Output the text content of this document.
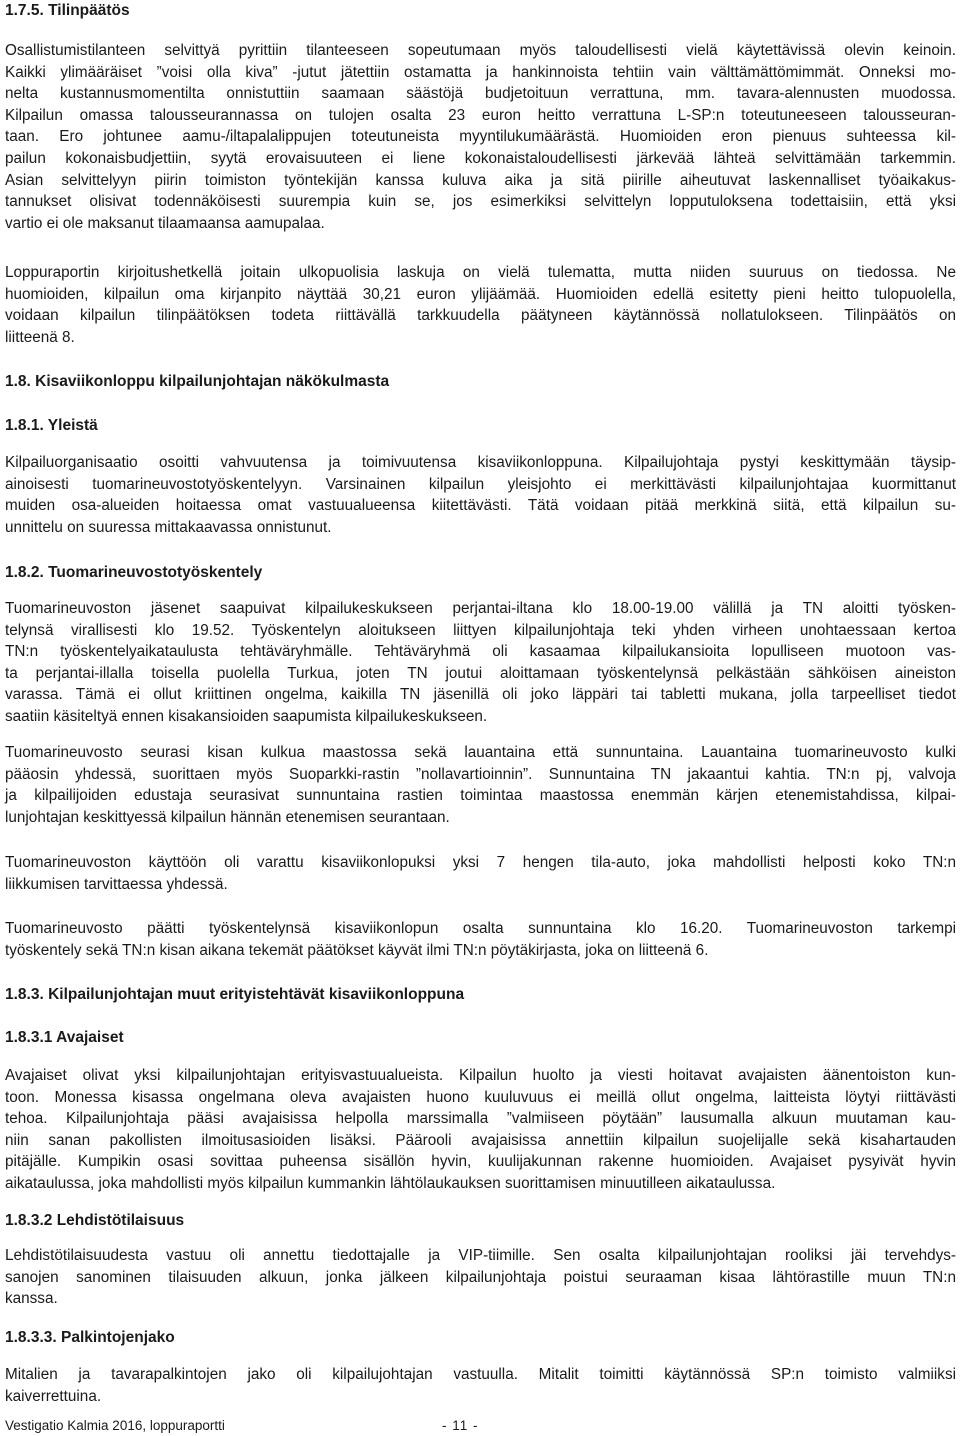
1.7.5. Tilinpäätös
Osallistumistilanteen selvittyä pyrittiin tilanteeseen sopeutumaan myös taloudellisesti vielä käytettävissä olevin keinoin.
Kaikki ylimääräiset ”voisi olla kiva” -jutut jätettiin ostamatta ja hankinnoista tehtiin vain välttämättömimmät. Onneksi mo-
nelta kustannusmomentilta onnistuttiin saamaan säästöjä budjetoituun verrattuna, mm. tavara-alennusten muodossa.
Kilpailun omassa talousseurannassa on tulojen osalta 23 euron heitto verrattuna L-SP:n toteutuneeseen talousseuran-
taan. Ero johtunee aamu-/iltapalalippujen toteutuneista myyntilukumäärästä. Huomioiden eron pienuus suhteessa kil-
pailun kokonaisbudjettiin, syytä erovaisuuteen ei liene kokonaistaloudellisesti järkevää lähteä selvittämään tarkemmin.
Asian selvittelyyn piirin toimiston työntekijän kanssa kuluva aika ja sitä piirille aiheutuvat laskennalliset työaikakus-
tannukset olisivat todennäköisesti suurempia kuin se, jos esimerkiksi selvittelyn lopputuloksena todettaisiin, että yksi
vartio ei ole maksanut tilaamaansa aamupalaa.
Loppuraportin kirjoitushetkellä joitain ulkopuolisia laskuja on vielä tulematta, mutta niiden suuruus on tiedossa. Ne
huomioiden, kilpailun oma kirjanpito näyttää 30,21 euron ylijäämää. Huomioiden edellä esitetty pieni heitto tulopuolella,
voidaan kilpailun tilinpäätöksen todeta riittävällä tarkkuudella päätyneen käytännössä nollatulokseen. Tilinpäätös on
liitteenä 8.
1.8. Kisaviikonloppu kilpailunjohtajan näkökulmasta
1.8.1. Yleistä
Kilpailuorganisaatio osoitti vahvuutensa ja toimivuutensa kisaviikonloppuna. Kilpailujohtaja pystyi keskittymään täysip-
ainoisesti tuomarineuvostotyöskentelyyn. Varsinainen kilpailun yleisjohto ei merkittävästi kilpailunjohtajaa kuormittanut
muiden osa-alueiden hoitaessa omat vastuualueensa kiitettävästi. Tätä voidaan pitää merkkinä siitä, että kilpailun su-
unnittelu on suuressa mittakaavassa onnistunut.
1.8.2. Tuomarineuvostotyöskentely
Tuomarineuvoston jäsenet saapuivat kilpailukeskukseen perjantai-iltana klo 18.00-19.00 välillä ja TN aloitti työsken-
telynsä virallisesti klo 19.52. Työskentelyn aloitukseen liittyen kilpailunjohtaja teki yhden virheen unohtaessaan kertoa
TN:n työskentelyaikataulusta tehtäväryhmälle. Tehtäväryhmä oli kasaamaa kilpailukansioita lopulliseen muotoon vas-
ta perjantai-illalla toisella puolella Turkua, joten TN joutui aloittamaan työskentelynsä pelkästään sähköisen aineiston
varassa. Tämä ei ollut kriittinen ongelma, kaikilla TN jäsenillä oli joko läppäri tai tabletti mukana, jolla tarpeelliset tiedot
saatiin käsiteltyä ennen kisakansioiden saapumista kilpailukeskukseen.
Tuomarineuvosto seurasi kisan kulkua maastossa sekä lauantaina että sunnuntaina. Lauantaina tuomarineuvosto kulki
pääosin yhdessä, suorittaen myös Suoparkki-rastin ”nollavartioinnin”. Sunnuntaina TN jakaantui kahtia. TN:n pj, valvoja
ja kilpailijoiden edustaja seurasivat sunnuntaina rastien toimintaa maastossa enemmän kärjen etenemistahdissa, kilpai-
lunjohtajan keskittyessä kilpailun hännän etenemisen seurantaan.
Tuomarineuvoston käyttöön oli varattu kisaviikonlopuksi yksi 7 hengen tila-auto, joka mahdollisti helposti koko TN:n
liikkumisen tarvittaessa yhdessä.
Tuomarineuvosto päätti työskentelynsä kisaviikonlopun osalta sunnuntaina klo 16.20. Tuomarineuvoston tarkempi
työskentely sekä TN:n kisan aikana tekemät päätökset käyvät ilmi TN:n pöytäkirjasta, joka on liitteenä 6.
1.8.3. Kilpailunjohtajan muut erityistehtävät kisaviikonloppuna
1.8.3.1 Avajaiset
Avajaiset olivat yksi kilpailunjohtajan erityisvastuualueista. Kilpailun huolto ja viesti hoitavat avajaisten äänentoiston kun-
toon. Monessa kisassa ongelmana oleva avajaisten huono kuuluvuus ei meillä ollut ongelma, laitteista löytyi riittävästi
tehoa. Kilpailunjohtaja pääsi avajaisissa helpolla marssimalla ”valmiiseen pöytään” lausumalla alkuun muutaman kau-
niin sanan pakollisten ilmoitusasioiden lisäksi. Päärooli avajaisissa annettiin kilpailun suojelijalle sekä kisahartauden
pitäjälle. Kumpikin osasi sovittaa puheensa sisällön hyvin, kuulijakunnan rakenne huomioiden. Avajaiset pysyivät hyvin
aikataulussa, joka mahdollisti myös kilpailun kummankin lähtölaukauksen suorittamisen minuutilleen aikataulussa.
1.8.3.2 Lehdistötilaisuus
Lehdistötilaisuudesta vastuu oli annettu tiedottajalle ja VIP-tiimille. Sen osalta kilpailunjohtajan rooliksi jäi tervehdys-
sanojen sanominen tilaisuuden alkuun, jonka jälkeen kilpailunjohtaja poistui seuraaman kisaa lähtörastille muun TN:n
kanssa.
1.8.3.3. Palkintojenjako
Mitalien ja tavarapalkintojen jako oli kilpailujohtajan vastuulla. Mitalit toimitti käytännössä SP:n toimisto valmiiksi
kaiverrettuina.
Vestigatio Kalmia 2016, loppuraportti	- 11 -
